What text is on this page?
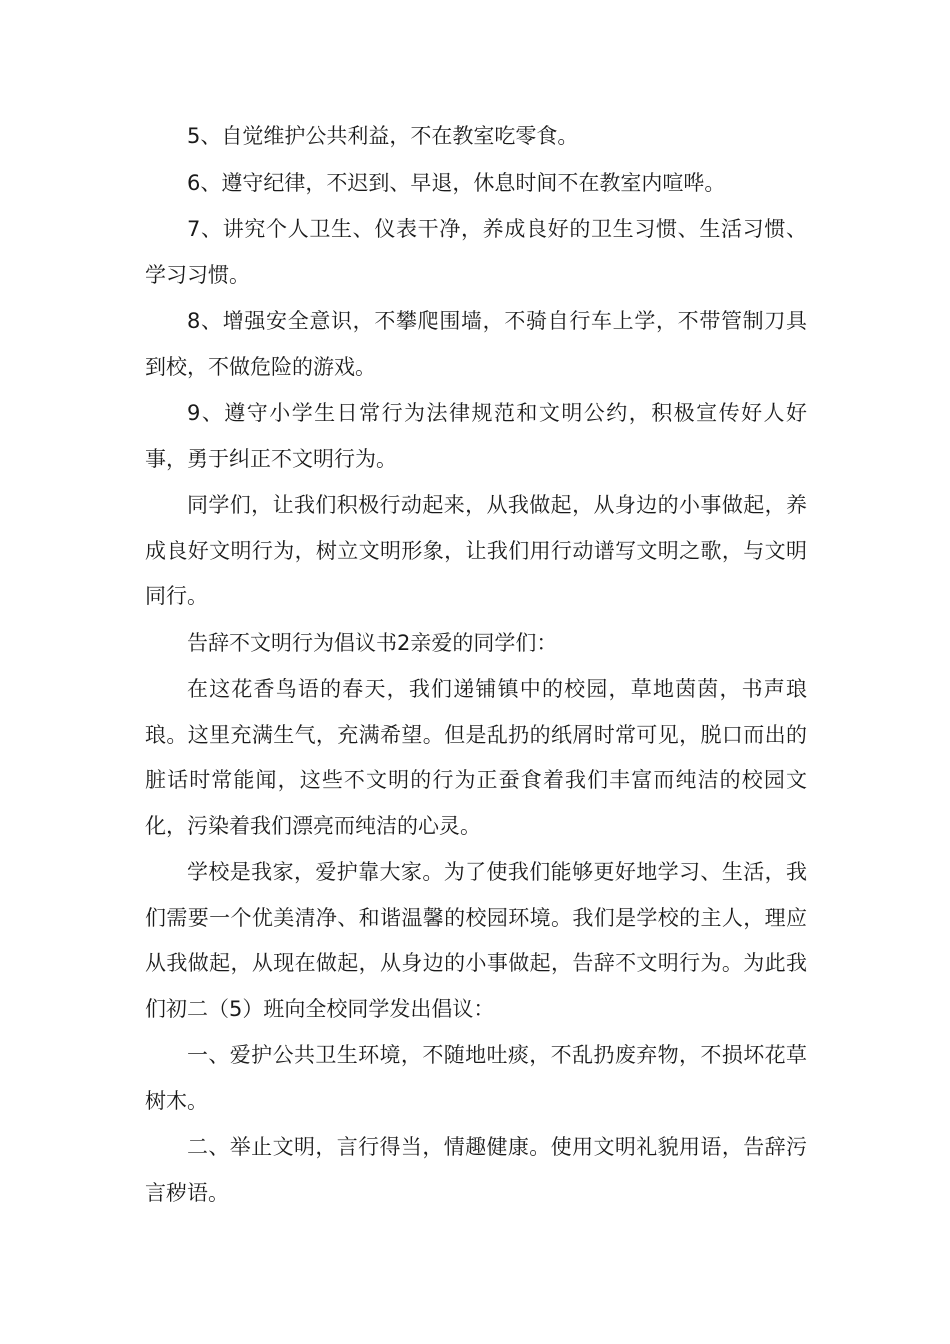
5、自觉维护公共利益，不在教室吃零食。

6、遵守纪律，不迟到、早退，休息时间不在教室内喧哗。

7、讲究个人卫生、仪表干净，养成良好的卫生习惯、生活习惯、学习习惯。

8、增强安全意识，不攀爬围墙，不骑自行车上学，不带管制刀具到校，不做危险的游戏。

9、遵守小学生日常行为法律规范和文明公约，积极宣传好人好事，勇于纠正不文明行为。

同学们，让我们积极行动起来，从我做起，从身边的小事做起，养成良好文明行为，树立文明形象，让我们用行动谱写文明之歌，与文明同行。

告辞不文明行为倡议书2亲爱的同学们：

在这花香鸟语的春天，我们递铺镇中的校园，草地茵茵，书声琅琅。这里充满生气，充满希望。但是乱扔的纸屑时常可见，脱口而出的脏话时常能闻，这些不文明的行为正蚕食着我们丰富而纯洁的校园文化，污染着我们漂亮而纯洁的心灵。

学校是我家，爱护靠大家。为了使我们能够更好地学习、生活，我们需要一个优美清净、和谐温馨的校园环境。我们是学校的主人，理应从我做起，从现在做起，从身边的小事做起，告辞不文明行为。为此我们初二（5）班向全校同学发出倡议：

一、爱护公共卫生环境，不随地吐痰，不乱扔废弃物，不损坏花草树木。

二、举止文明，言行得当，情趣健康。使用文明礼貌用语，告辞污言秽语。
